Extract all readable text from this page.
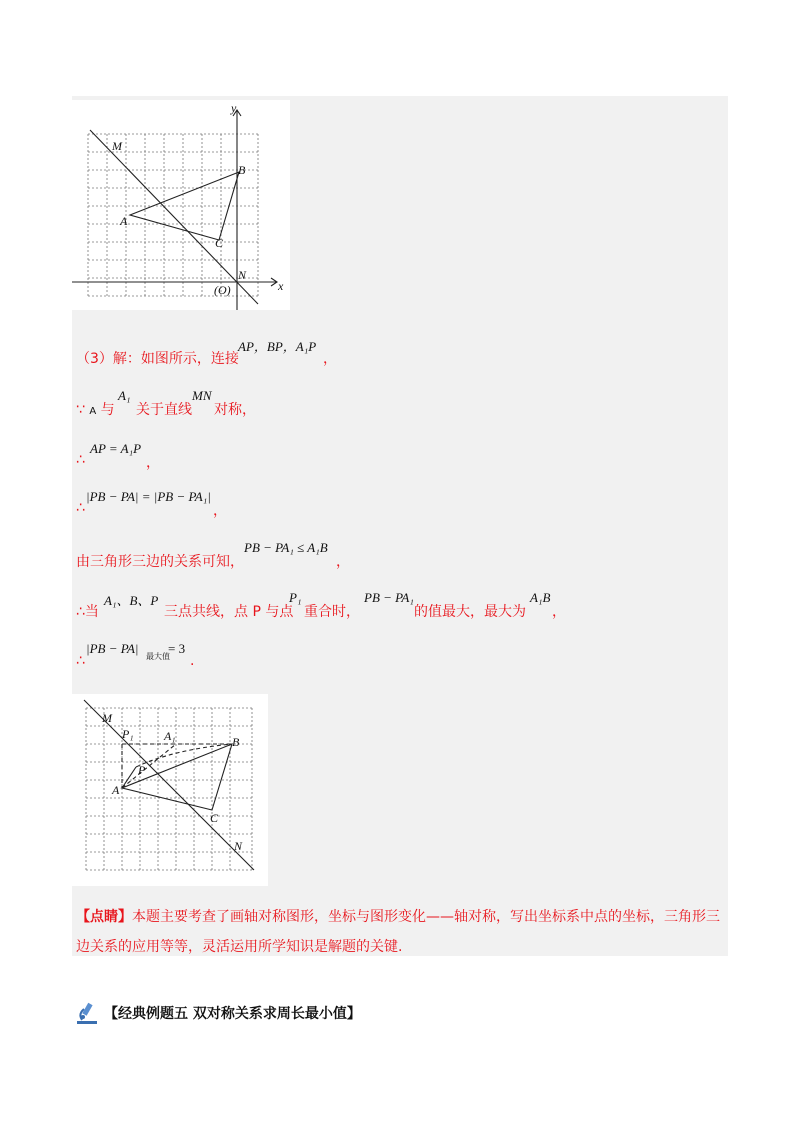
y
x
M
B
A
C
N
(O)
（3）解：如图所示，连接
AP，BP，A₁P
，
∵ A 与
A₁
关于直线
MN
对称，
∴
AP = A₁P
，
∴
|PB − PA| = |PB − PA₁|
，
由三角形三边的关系可知，
PB − PA₁ ≤ A₁B
，
∴当
A₁、B、P
三点共线，点 P 与点
P₁
重合时，
PB − PA₁
的值最大，最大为
A₁B
，
∴
|PB − PA|
最大值
= 3
.
M
P₁	A₁	B
P
A
C
N
【点睛】本题主要考查了画轴对称图形，坐标与图形变化——轴对称，写出坐标系中点的坐标，三角形三边关系的应用等等，灵活运用所学知识是解题的关键.
【经典例题五 双对称关系求周长最小值】
